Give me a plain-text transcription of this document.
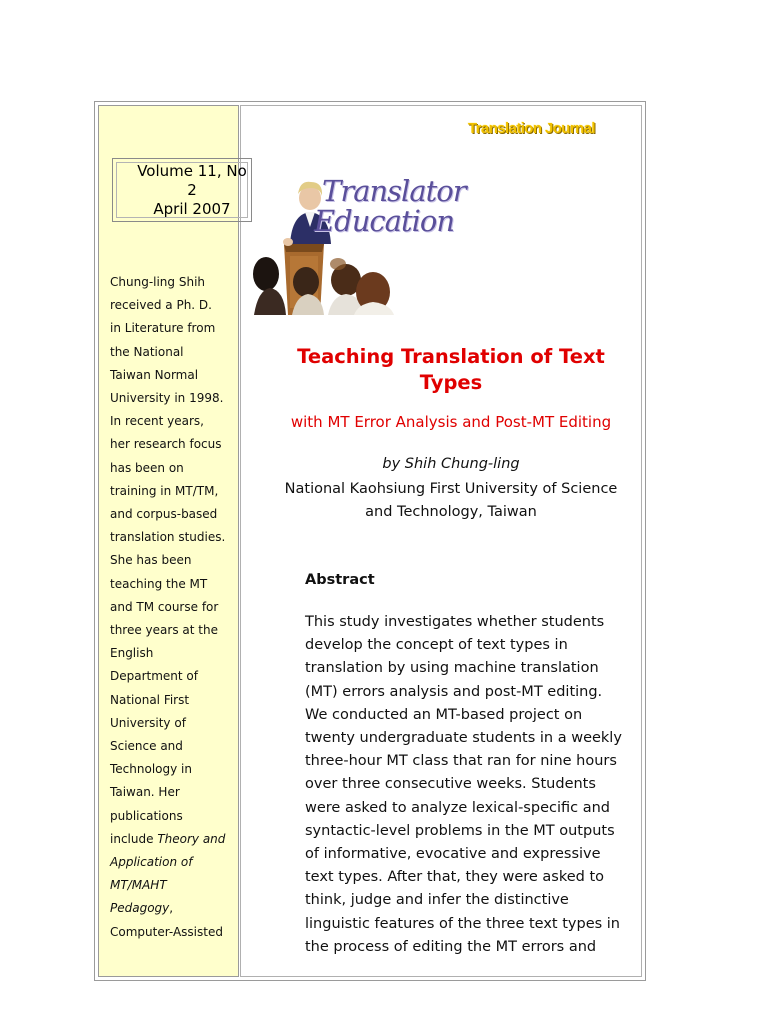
Volume 11, No
2
April 2007
Chung-ling Shih
received a Ph. D.
in Literature from
the National
Taiwan Normal
University in 1998.
In recent years,
her research focus
has been on
training in MT/TM,
and corpus-based
translation studies.
She has been
teaching the MT
and TM course for
three years at the
English
Department of
National First
University of
Science and
Technology in
Taiwan. Her
publications
include Theory and
Application of
MT/MAHT
Pedagogy,
Computer-Assisted
Translation Journal
Translator
Education
Teaching Translation of Text
Types
with MT Error Analysis and Post-MT Editing
by Shih Chung-ling
National Kaohsiung First University of Science
and Technology, Taiwan
Abstract
This study investigates whether students
develop the concept of text types in
translation by using machine translation
(MT) errors analysis and post-MT editing.
We conducted an MT-based project on
twenty undergraduate students in a weekly
three-hour MT class that ran for nine hours
over three consecutive weeks. Students
were asked to analyze lexical-specific and
syntactic-level problems in the MT outputs
of informative, evocative and expressive
text types. After that, they were asked to
think, judge and infer the distinctive
linguistic features of the three text types in
the process of editing the MT errors and
